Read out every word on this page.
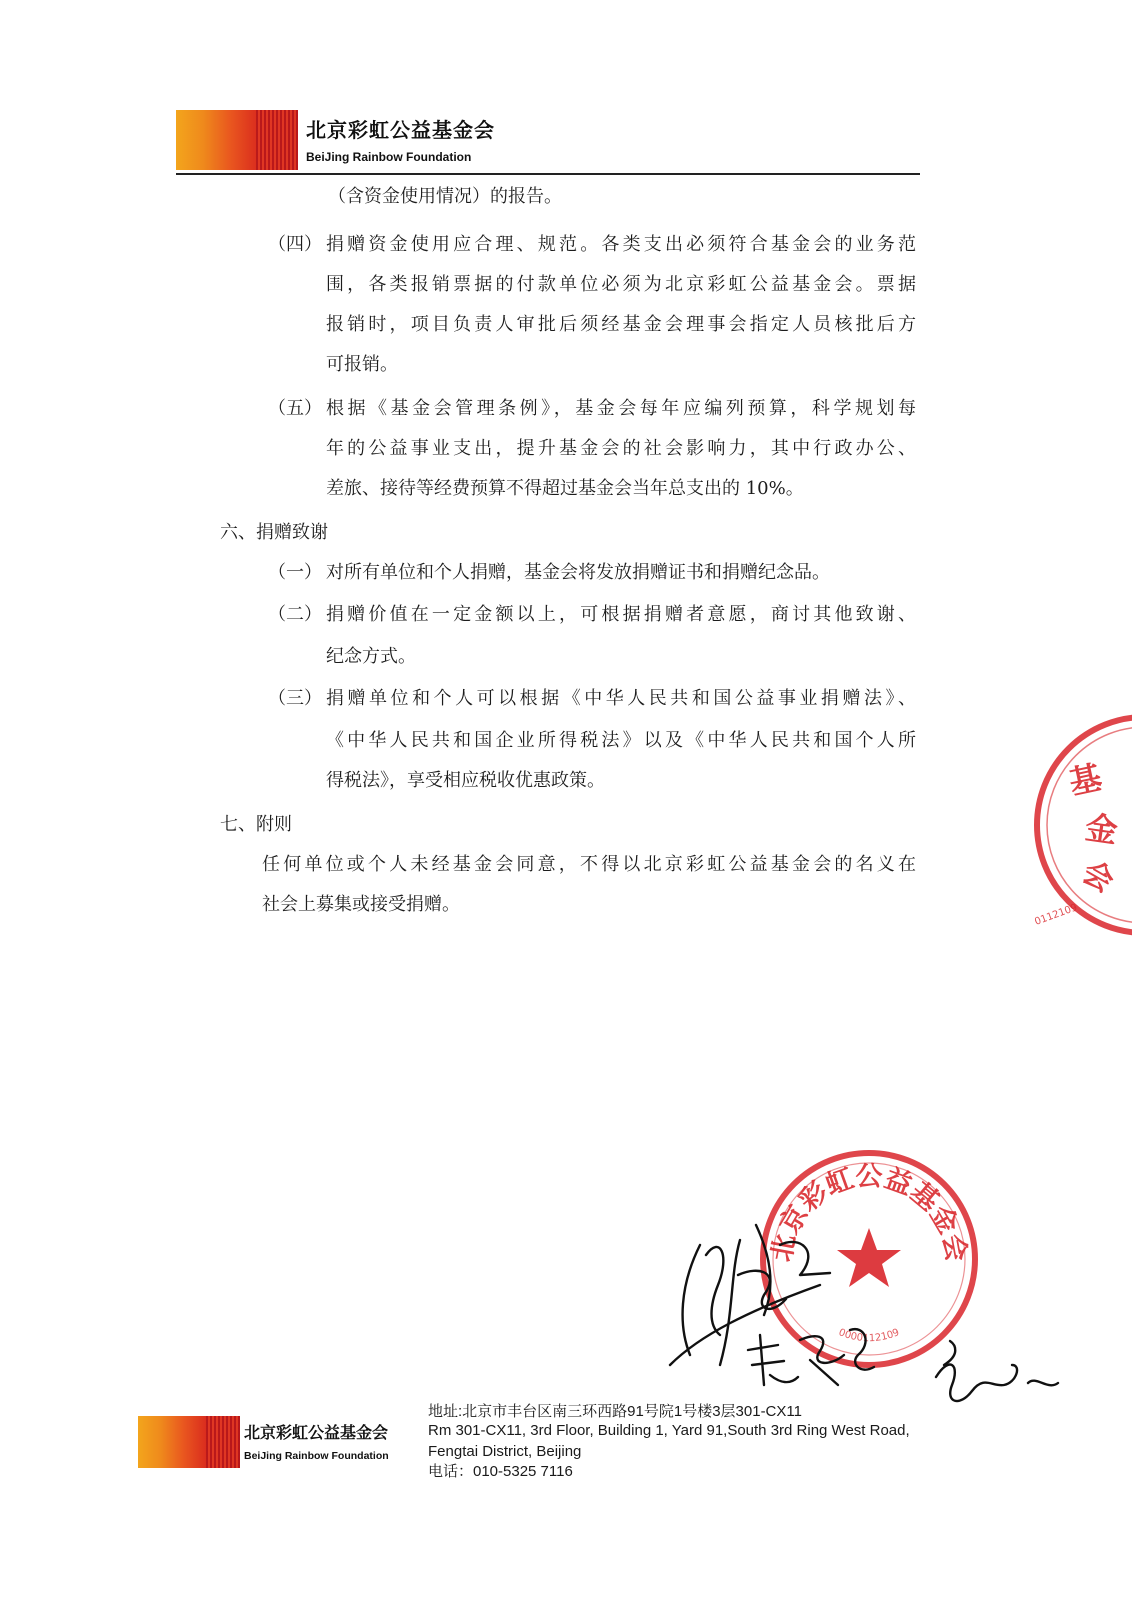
北京彩虹公益基金会
BeiJing Rainbow Foundation
（含资金使用情况）的报告。
（四） 捐赠资金使用应合理、规范。各类支出必须符合基金会的业务范
围，各类报销票据的付款单位必须为北京彩虹公益基金会。票据
报销时，项目负责人审批后须经基金会理事会指定人员核批后方
可报销。
（五） 根据《基金会管理条例》，基金会每年应编列预算，科学规划每
年的公益事业支出，提升基金会的社会影响力，其中行政办公、
差旅、接待等经费预算不得超过基金会当年总支出的 10%。
六、捐赠致谢
（一） 对所有单位和个人捐赠，基金会将发放捐赠证书和捐赠纪念品。
（二） 捐赠价值在一定金额以上，可根据捐赠者意愿，商讨其他致谢、
纪念方式。
（三） 捐赠单位和个人可以根据《中华人民共和国公益事业捐赠法》、
《中华人民共和国企业所得税法》以及《中华人民共和国个人所
得税法》，享受相应税收优惠政策。
七、附则
任何单位或个人未经基金会同意，不得以北京彩虹公益基金会的名义在
社会上募集或接受捐赠。
基
金
会
0112109
北京彩虹公益基金会
0000112109
北京彩虹公益基金会
BeiJing Rainbow Foundation
地址:北京市丰台区南三环西路91号院1号楼3层301-CX11
Rm 301-CX11, 3rd Floor, Building 1, Yard 91,South 3rd Ring West Road,
Fengtai District, Beijing
电话：010-5325 7116
